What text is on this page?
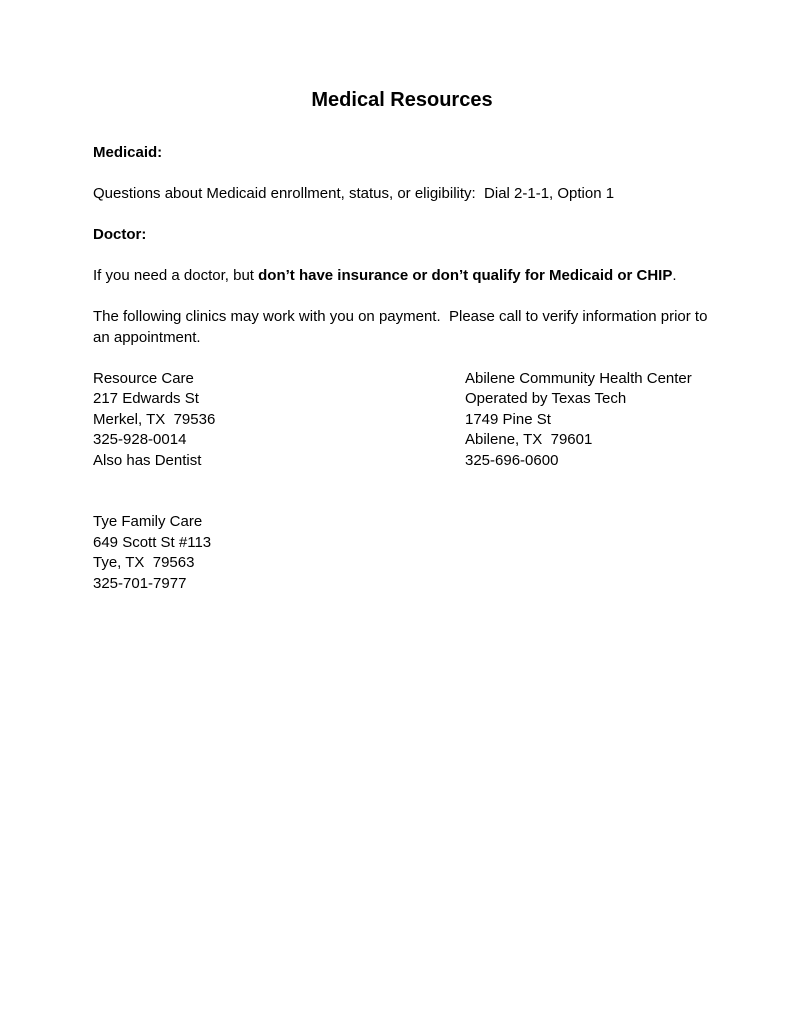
Medical Resources

Medicaid:

Questions about Medicaid enrollment, status, or eligibility:  Dial 2-1-1, Option 1

Doctor:

If you need a doctor, but don’t have insurance or don’t qualify for Medicaid or CHIP.

The following clinics may work with you on payment.  Please call to verify information prior to an appointment.

Resource Care
217 Edwards St
Merkel, TX  79536
325-928-0014
Also has Dentist
Abilene Community Health Center
Operated by Texas Tech
1749 Pine St
Abilene, TX  79601
325-696-0600
Tye Family Care
649 Scott St #113
Tye, TX  79563
325-701-7977
